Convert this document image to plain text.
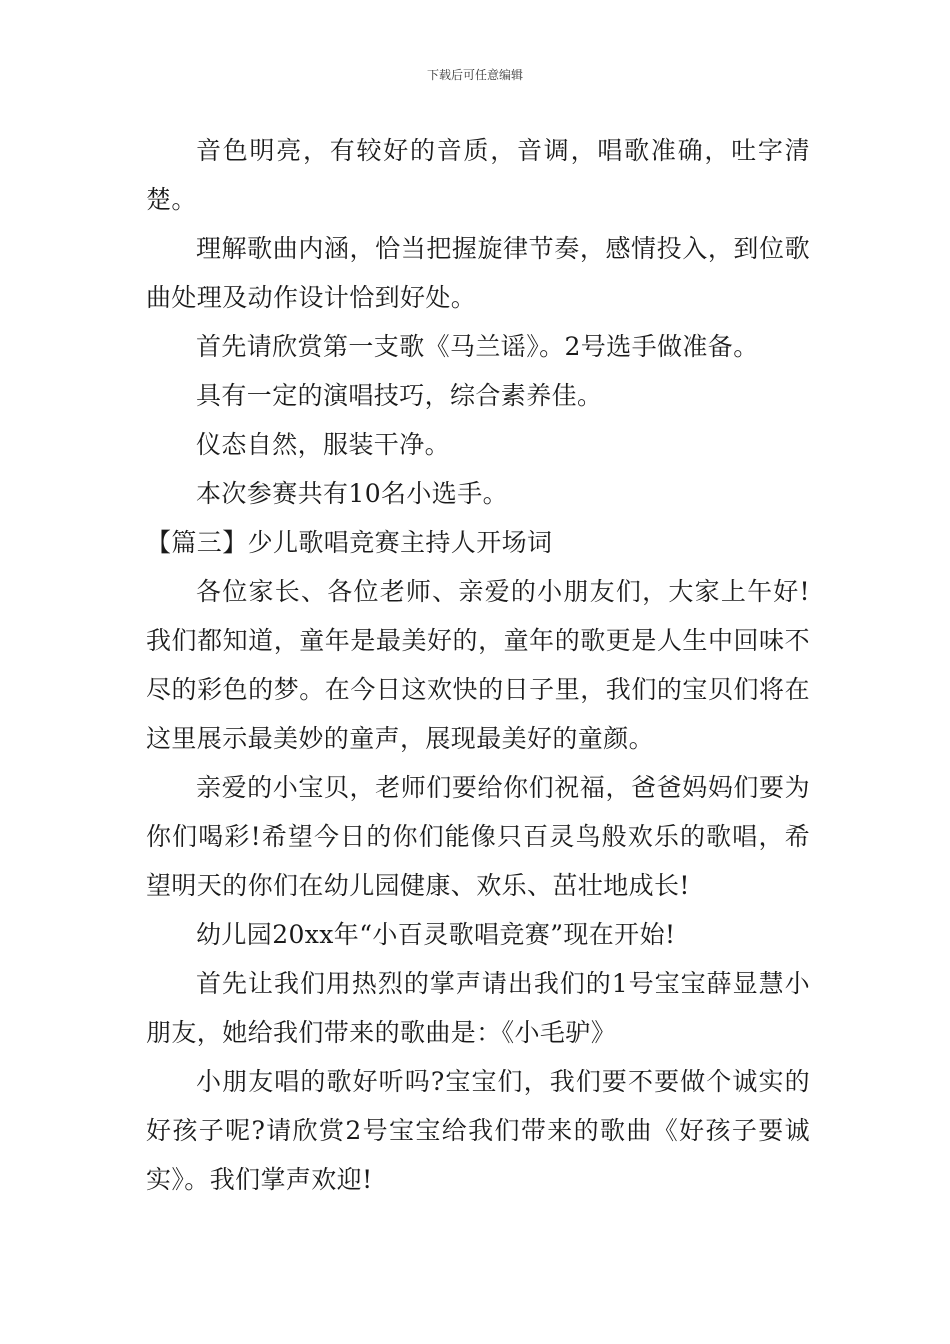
下载后可任意编辑

音色明亮，有较好的音质，音调，唱歌准确，吐字清楚。

理解歌曲内涵，恰当把握旋律节奏，感情投入，到位歌曲处理及动作设计恰到好处。

首先请欣赏第一支歌《马兰谣》。2号选手做准备。

具有一定的演唱技巧，综合素养佳。

仪态自然，服装干净。

本次参赛共有10名小选手。

【篇三】少儿歌唱竞赛主持人开场词

各位家长、各位老师、亲爱的小朋友们，大家上午好!我们都知道，童年是最美好的，童年的歌更是人生中回味不尽的彩色的梦。在今日这欢快的日子里，我们的宝贝们将在这里展示最美妙的童声，展现最美好的童颜。

亲爱的小宝贝，老师们要给你们祝福，爸爸妈妈们要为你们喝彩!希望今日的你们能像只百灵鸟般欢乐的歌唱，希望明天的你们在幼儿园健康、欢乐、茁壮地成长!

幼儿园20xx年“小百灵歌唱竞赛”现在开始!

首先让我们用热烈的掌声请出我们的1号宝宝薛显慧小朋友，她给我们带来的歌曲是：《小毛驴》

小朋友唱的歌好听吗?宝宝们，我们要不要做个诚实的好孩子呢?请欣赏2号宝宝给我们带来的歌曲《好孩子要诚实》。我们掌声欢迎!
